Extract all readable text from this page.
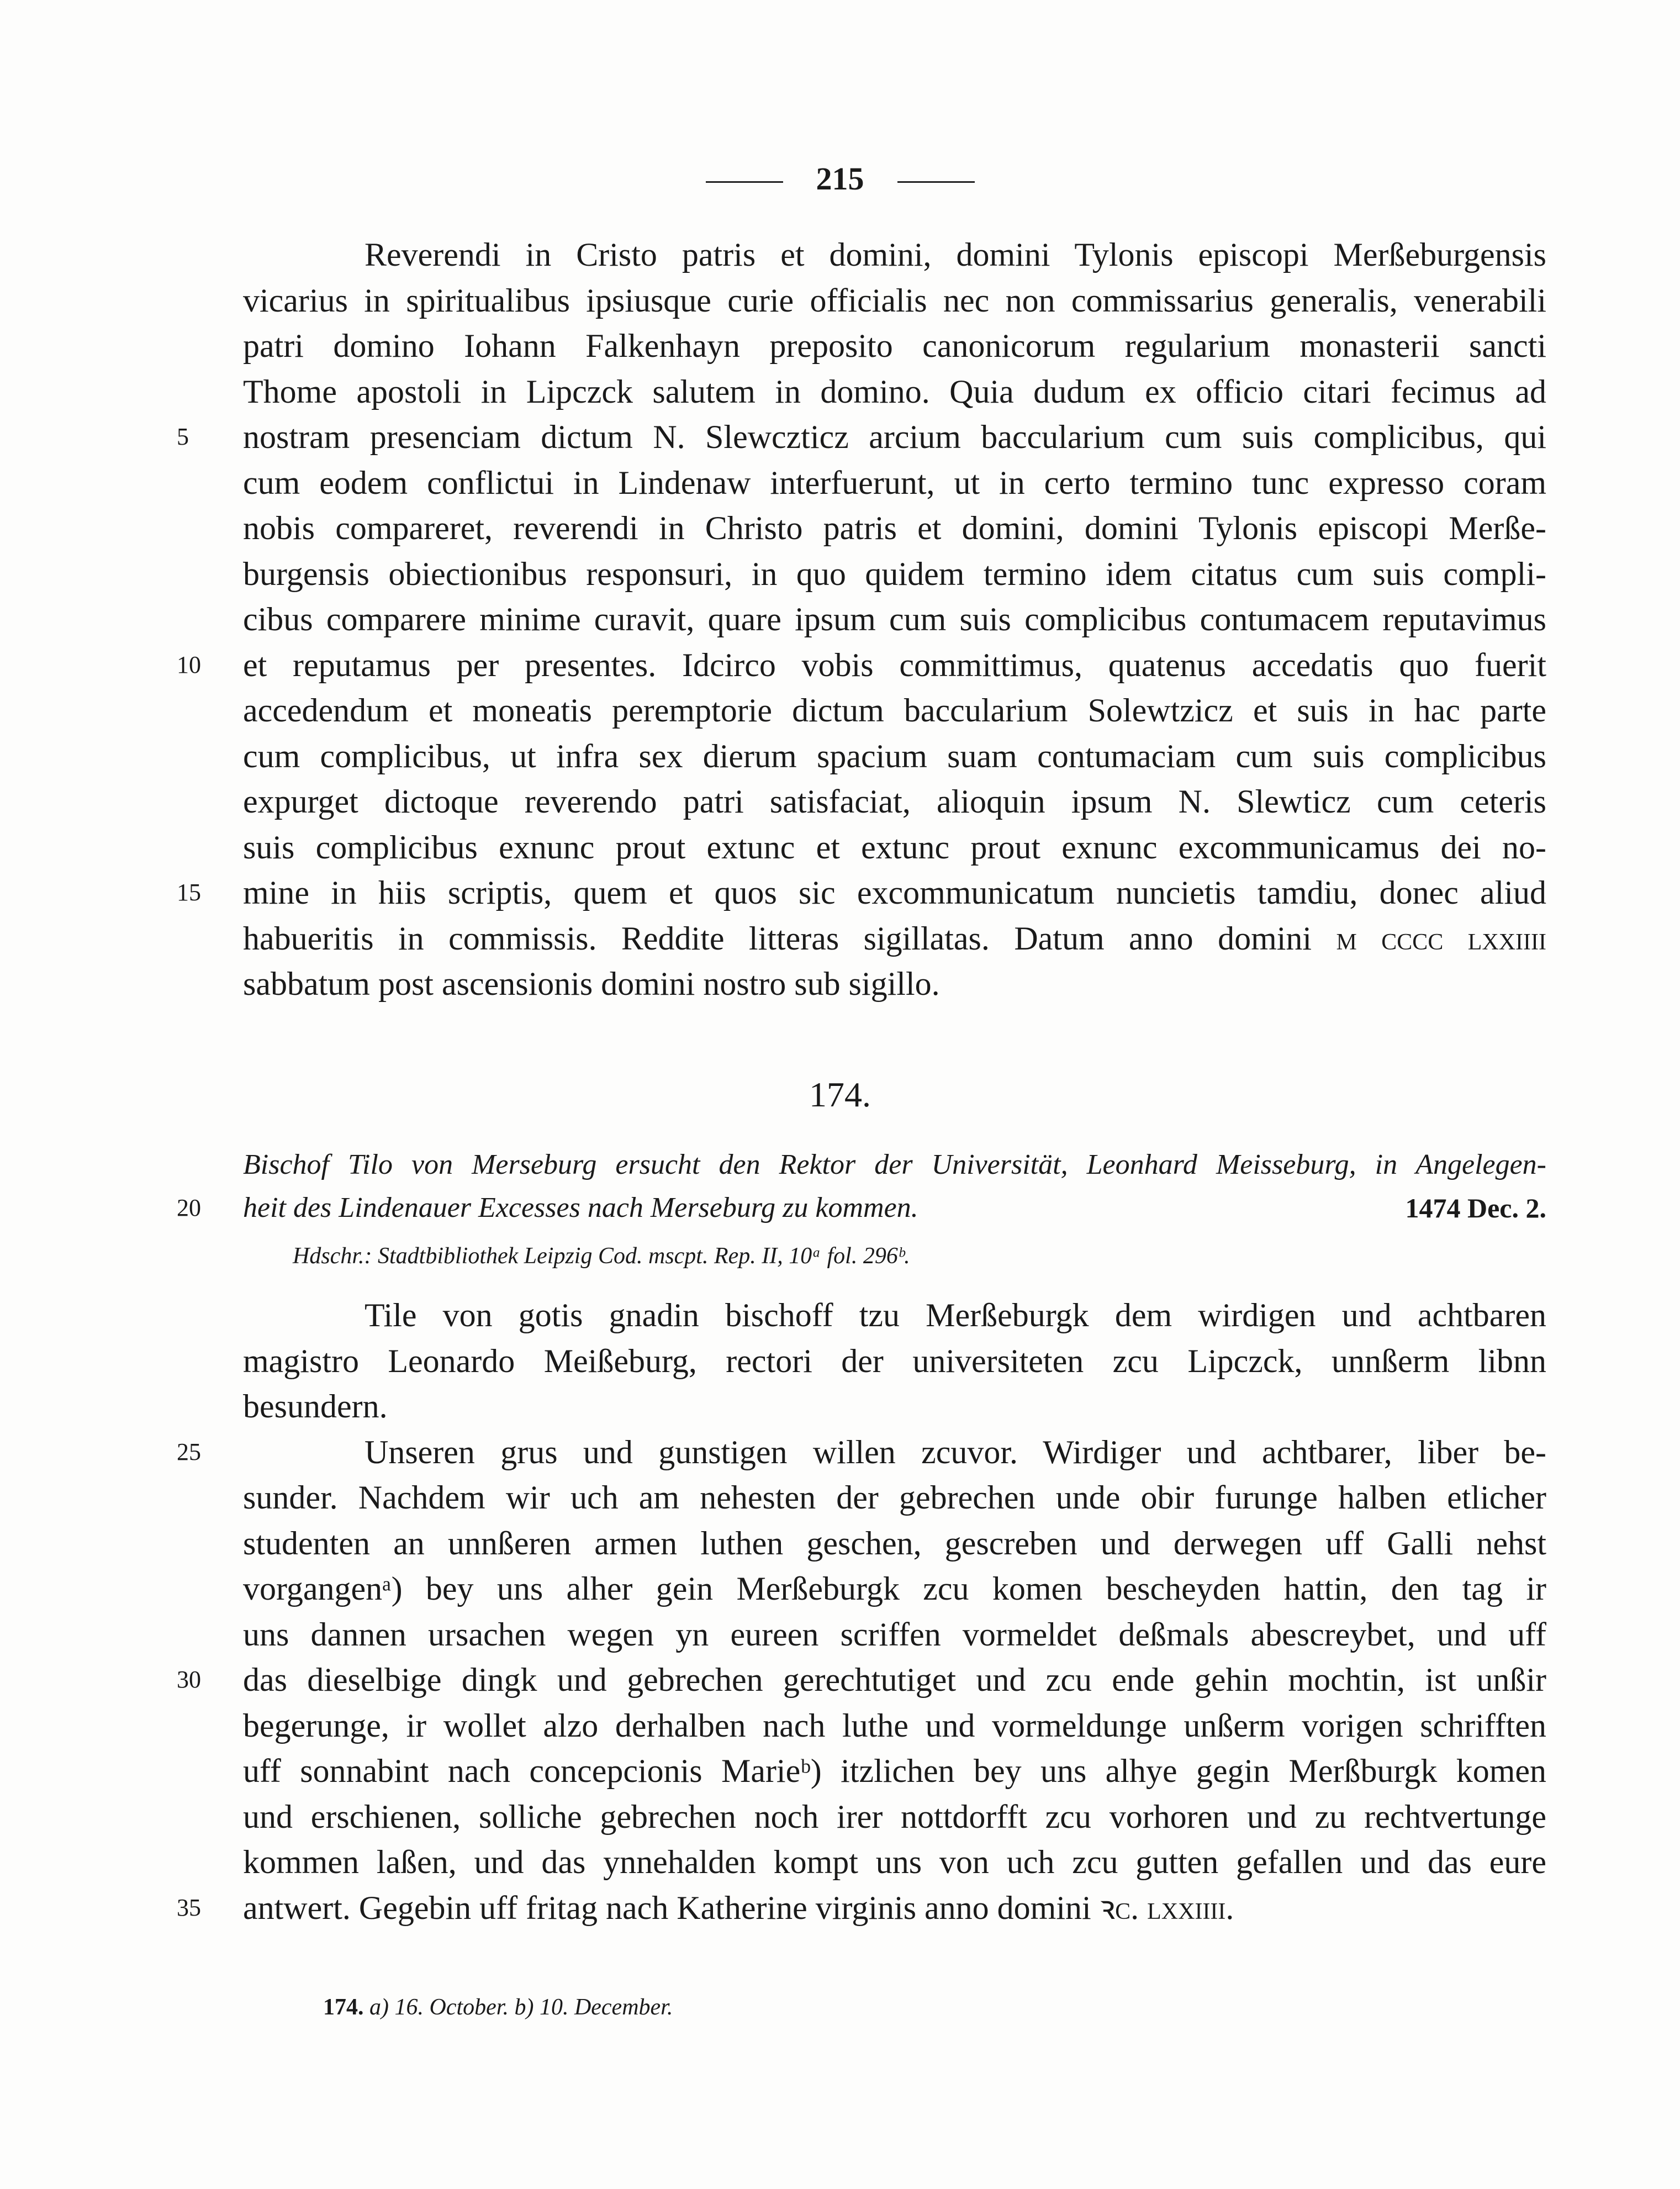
215
Reverendi in Cristo patris et domini, domini Tylonis episcopi Merßeburgensis
vicarius in spiritualibus ipsiusque curie officialis nec non commissarius generalis, venerabili
patri domino Iohann Falkenhayn preposito canonicorum regularium monasterii sancti
Thome apostoli in Lipczck salutem in domino. Quia dudum ex officio citari fecimus ad
5	nostram presenciam dictum N. Slewczticz arcium baccularium cum suis complicibus, qui
cum eodem conflictui in Lindenaw interfuerunt, ut in certo termino tunc expresso coram
nobis compareret, reverendi in Christo patris et domini, domini Tylonis episcopi Merße-
burgensis obiectionibus responsuri, in quo quidem termino idem citatus cum suis compli-
cibus comparere minime curavit, quare ipsum cum suis complicibus contumacem reputavimus
10	et reputamus per presentes. Idcirco vobis committimus, quatenus accedatis quo fuerit
accedendum et moneatis peremptorie dictum baccularium Solewtzicz et suis in hac parte
cum complicibus, ut infra sex dierum spacium suam contumaciam cum suis complicibus
expurget dictoque reverendo patri satisfaciat, alioquin ipsum N. Slewticz cum ceteris
suis complicibus exnunc prout extunc et extunc prout exnunc excommunicamus dei no-
15	mine in hiis scriptis, quem et quos sic excommunicatum nuncietis tamdiu, donec aliud
habueritis in commissis. Reddite litteras sigillatas. Datum anno domini m cccc lxxiiii
sabbatum post ascensionis domini nostro sub sigillo.
174.
Bischof Tilo von Merseburg ersucht den Rektor der Universität, Leonhard Meisseburg, in Angelegen-
20	heit des Lindenauer Excesses nach Merseburg zu kommen.	1474 Dec. 2.
Hdschr.: Stadtbibliothek Leipzig Cod. mscpt. Rep. II, 10ᵃ fol. 296ᵇ.
Tile von gotis gnadin bischoff tzu Merßeburgk dem wirdigen und achtbaren
magistro Leonardo Meißeburg, rectori der universiteten zcu Lipczck, unnßerm libnn
besundern.
25	Unseren grus und gunstigen willen zcuvor. Wirdiger und achtbarer, liber be-
sunder. Nachdem wir uch am nehesten der gebrechen unde obir furunge halben etlicher
studenten an unnßeren armen luthen geschen, gescreben und derwegen uff Galli nehst
vorgangenᵃ) bey uns alher gein Merßeburgk zcu komen bescheyden hattin, den tag ir
uns dannen ursachen wegen yn eureen scriffen vormeldet deßmals abescreybet, und uff
30	das dieselbige dingk und gebrechen gerechtutiget und zcu ende gehin mochtin, ist unßir
begerunge, ir wollet alzo derhalben nach luthe und vormeldunge unßerm vorigen schrifften
uff sonnabint nach concepcionis Marieᵇ) itzlichen bey uns alhye gegin Merßburgk komen
und erschienen, solliche gebrechen noch irer nottdorfft zcu vorhoren und zu rechtvertunge
kommen laßen, und das ynnehalden kompt uns von uch zcu gutten gefallen und das eure
35	antwert. Gegebin uff fritag nach Katherine virginis anno domini ꝛc. lxxiiii.
174. a) 16. October. b) 10. December.
